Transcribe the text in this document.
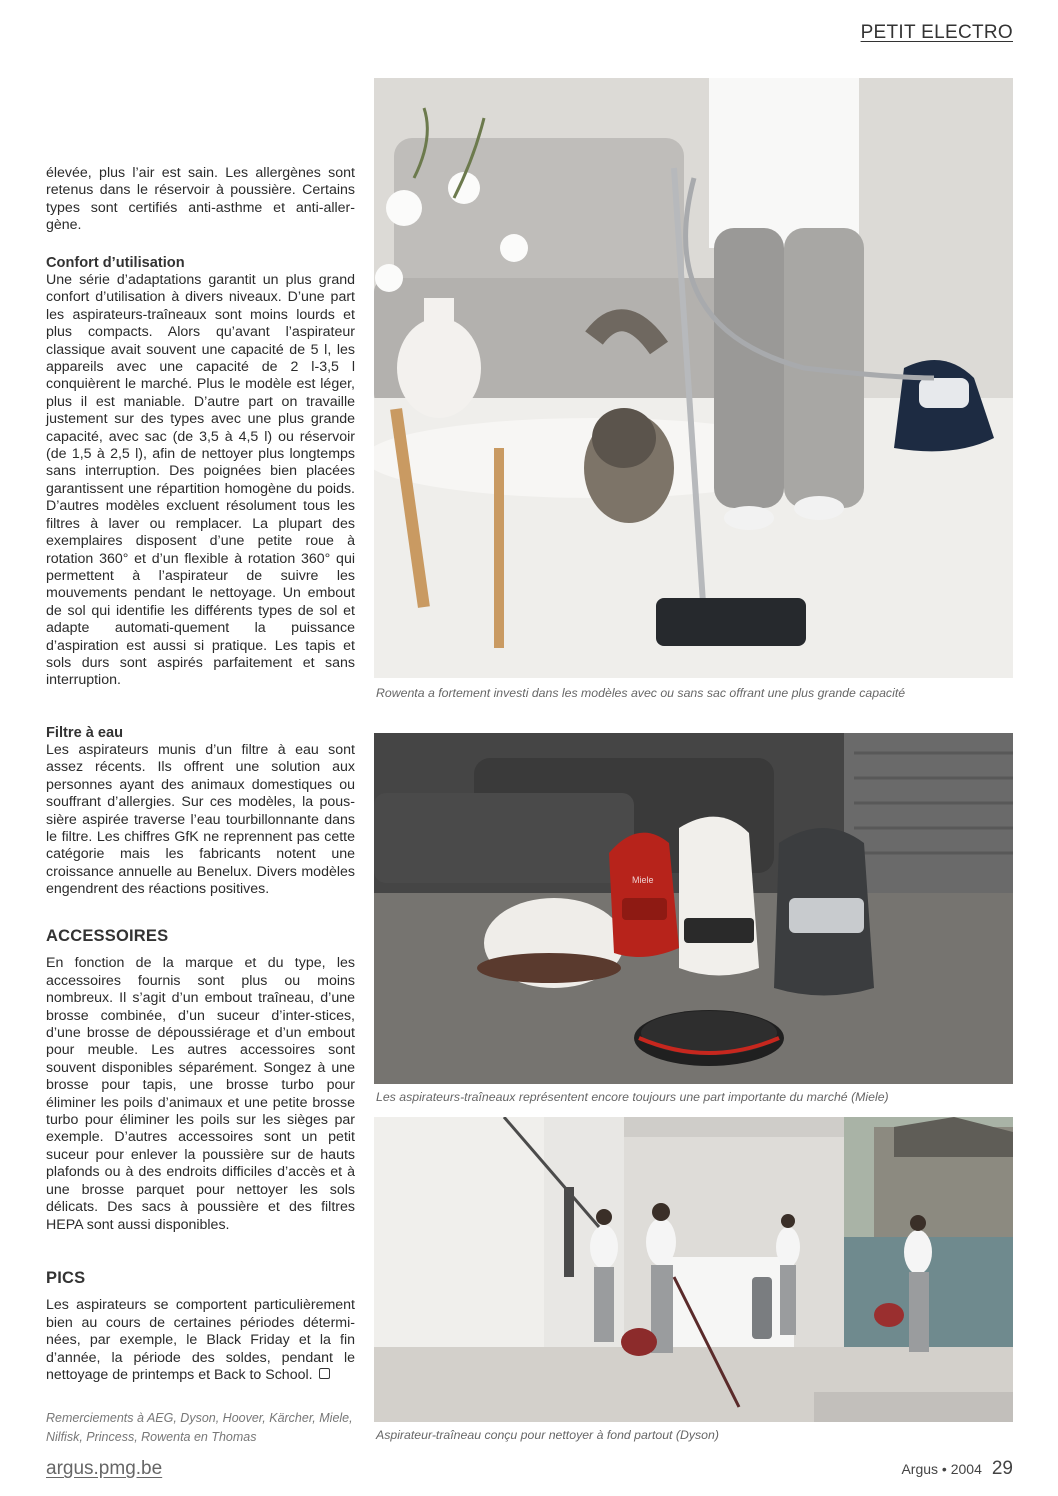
PETIT ELECTRO

élevée, plus l’air est sain. Les allergènes sont retenus dans le réservoir à poussière. Certains types sont certifiés anti-asthme et anti-aller-gène.

Confort d’utilisation

Une série d’adaptations garantit un plus grand confort d’utilisation à divers niveaux. D’une part les aspirateurs-traîneaux sont moins lourds et plus compacts. Alors qu’avant l’aspirateur classique avait souvent une capacité de 5 l, les appareils avec une capacité de 2 l-3,5 l conquièrent le marché. Plus le modèle est léger, plus il est maniable. D’autre part on travaille justement sur des types avec une plus grande capacité, avec sac (de 3,5 à 4,5 l) ou réservoir (de 1,5 à 2,5 l), afin de nettoyer plus longtemps sans interruption. Des poignées bien placées garantissent une répartition homogène du poids. D’autres modèles excluent résolument tous les filtres à laver ou remplacer. La plupart des exemplaires disposent d’une petite roue à rotation 360° et d’un flexible à rotation 360° qui permettent à l’aspirateur de suivre les mouvements pendant le nettoyage. Un embout de sol qui identifie les différents types de sol et adapte automati-quement la puissance d’aspiration est aussi si pratique. Les tapis et sols durs sont aspirés parfaitement et sans interruption.

Filtre à eau

Les aspirateurs munis d’un filtre à eau sont assez récents. Ils offrent une solution aux personnes ayant des animaux domestiques ou souffrant d’allergies. Sur ces modèles, la pous-sière aspirée traverse l’eau tourbillonnante dans le filtre. Les chiffres GfK ne reprennent pas cette catégorie mais les fabricants notent une croissance annuelle au Benelux. Divers modèles engendrent des réactions positives.

ACCESSOIRES

En fonction de la marque et du type, les accessoires fournis sont plus ou moins nombreux. Il s’agit d’un embout traîneau, d’une brosse combinée, d’un suceur d’inter-stices, d’une brosse de dépoussiérage et d’un embout pour meuble. Les autres accessoires sont souvent disponibles séparément. Songez à une brosse pour tapis, une brosse turbo pour éliminer les poils d’animaux et une petite brosse turbo pour éliminer les poils sur les sièges par exemple. D’autres accessoires sont un petit suceur pour enlever la poussière sur de hauts plafonds ou à des endroits difficiles d’accès et à une brosse parquet pour nettoyer les sols délicats. Des sacs à poussière et des filtres HEPA sont aussi disponibles.

PICS

Les aspirateurs se comportent particulièrement bien au cours de certaines périodes détermi-nées, par exemple, le Black Friday et la fin d’année, la période des soldes, pendant le nettoyage de printemps et Back to School.

Remerciements à AEG, Dyson, Hoover, Kärcher, Miele, Nilfisk, Princess, Rowenta en Thomas
Rowenta a fortement investi dans les modèles avec ou sans sac offrant une plus grande capacité
Miele
Les aspirateurs-traîneaux représentent encore toujours une part importante du marché (Miele)
Aspirateur-traîneau conçu pour nettoyer à fond partout (Dyson)
argus.pmg.be	Argus • 2004 29
